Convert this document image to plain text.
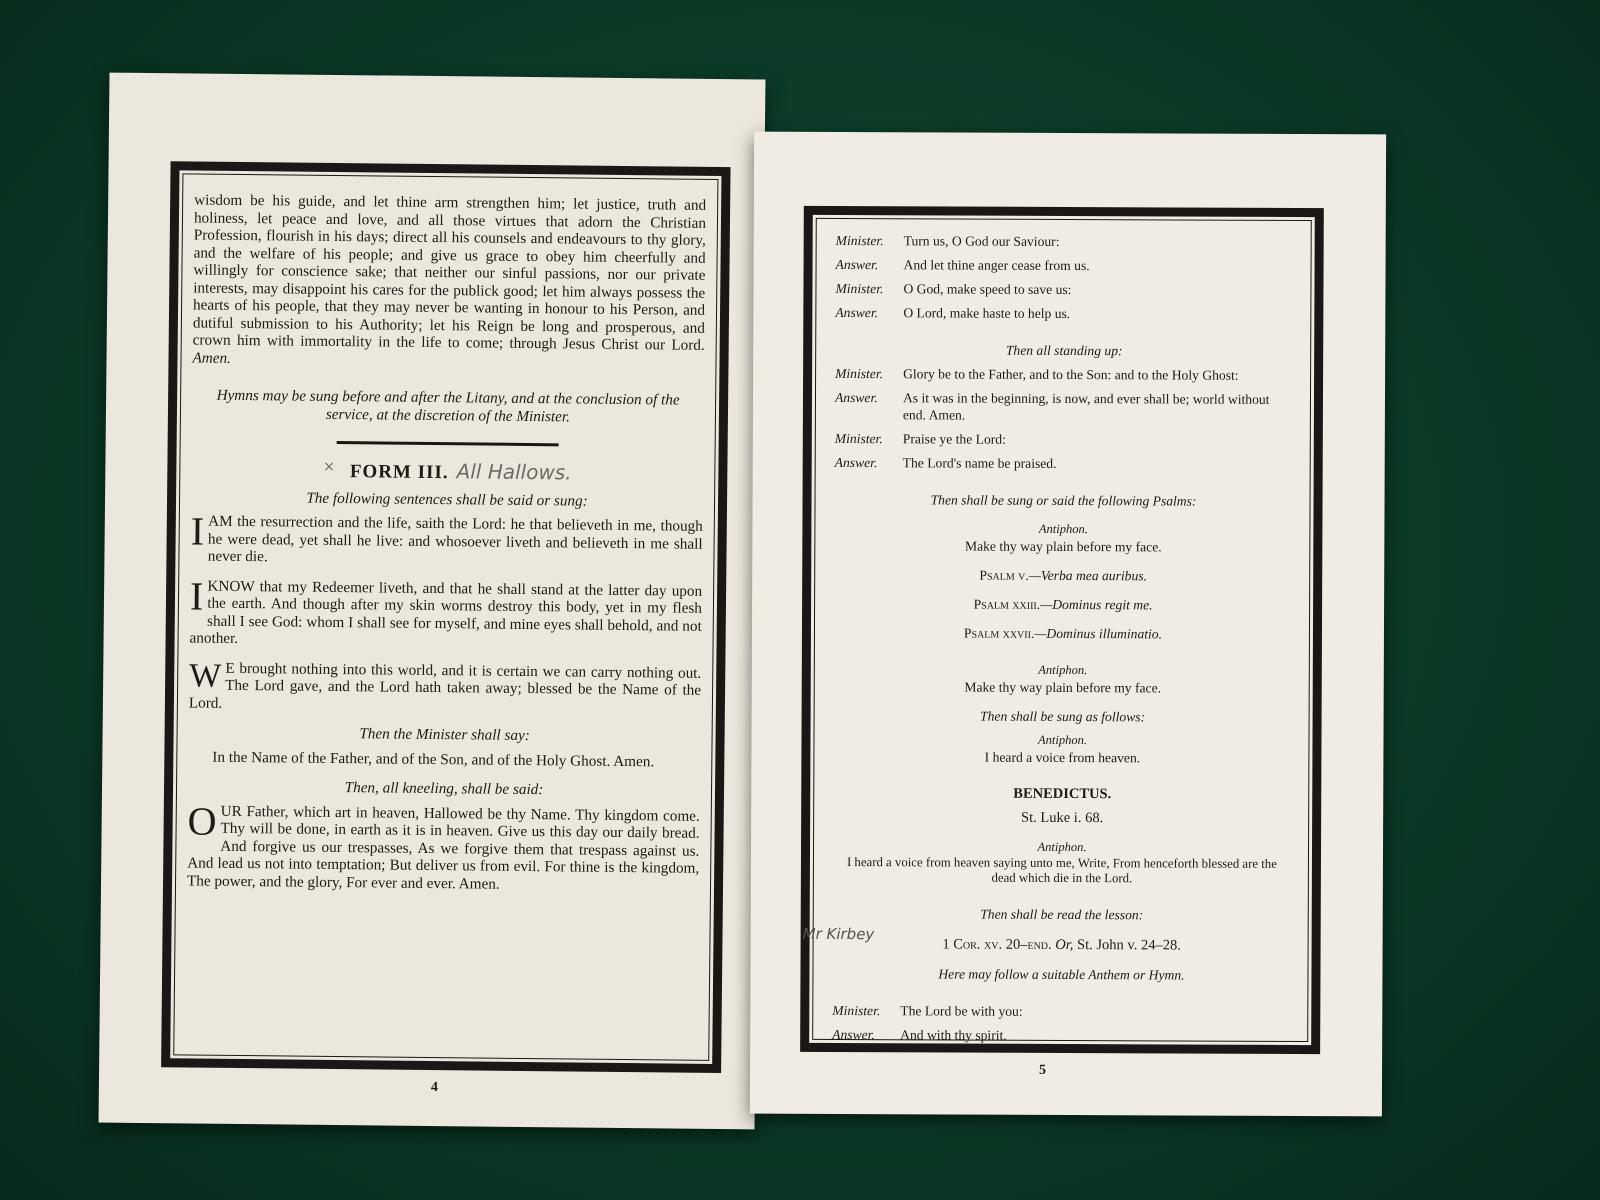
wisdom be his guide, and let thine arm strengthen him; let justice, truth and holiness, let peace and love, and all those virtues that adorn the Christian Profession, flourish in his days; direct all his counsels and endeavours to thy glory, and the welfare of his people; and give us grace to obey him cheerfully and willingly for conscience sake; that neither our sinful passions, nor our private interests, may disappoint his cares for the publick good; let him always possess the hearts of his people, that they may never be wanting in honour to his Person, and dutiful submission to his Authority; let his Reign be long and prosperous, and crown him with immortality in the life to come; through Jesus Christ our Lord. Amen.

Hymns may be sung before and after the Litany, and at the conclusion of the service, at the discretion of the Minister.

× FORM III. All Hallows.

The following sentences shall be said or sung:

IAM the resurrection and the life, saith the Lord: he that believeth in me, though he were dead, yet shall he live: and whosoever liveth and believeth in me shall never die.

IKNOW that my Redeemer liveth, and that he shall stand at the latter day upon the earth. And though after my skin worms destroy this body, yet in my flesh shall I see God: whom I shall see for myself, and mine eyes shall behold, and not another.

W E brought nothing into this world, and it is certain we can carry nothing out. The Lord gave, and the Lord hath taken away; blessed be the Name of the Lord.

Then the Minister shall say:

In the Name of the Father, and of the Son, and of the Holy Ghost. Amen.

Then, all kneeling, shall be said:

OUR Father, which art in heaven, Hallowed be thy Name. Thy kingdom come. Thy will be done, in earth as it is in heaven. Give us this day our daily bread. And forgive us our trespasses, As we forgive them that trespass against us. And lead us not into temptation; But deliver us from evil. For thine is the kingdom, The power, and the glory, For ever and ever. Amen.

4
Minister.	Turn us, O God our Saviour:
Answer.	And let thine anger cease from us.
Minister.	O God, make speed to save us:
Answer.	O Lord, make haste to help us.

Then all standing up:

Minister.	Glory be to the Father, and to the Son: and to the Holy Ghost:
Answer.	As it was in the beginning, is now, and ever shall be; world without end. Amen.
Minister.	Praise ye the Lord:
Answer.	The Lord's name be praised.

Then shall be sung or said the following Psalms:

Antiphon.

Make thy way plain before my face.

Psalm v.—Verba mea auribus.

Psalm xxiii.—Dominus regit me.

Psalm xxvii.—Dominus illuminatio.

Antiphon.

Make thy way plain before my face.

Then shall be sung as follows:

Antiphon.

I heard a voice from heaven.

BENEDICTUS.

St. Luke i. 68.

Antiphon.

I heard a voice from heaven saying unto me, Write, From henceforth blessed are the dead which die in the Lord.

Then shall be read the lesson:

Mr Kirbey
1 Cor. xv. 20–end. Or, St. John v. 24–28.

Here may follow a suitable Anthem or Hymn.

Minister.	The Lord be with you:
Answer.	And with thy spirit.
5
